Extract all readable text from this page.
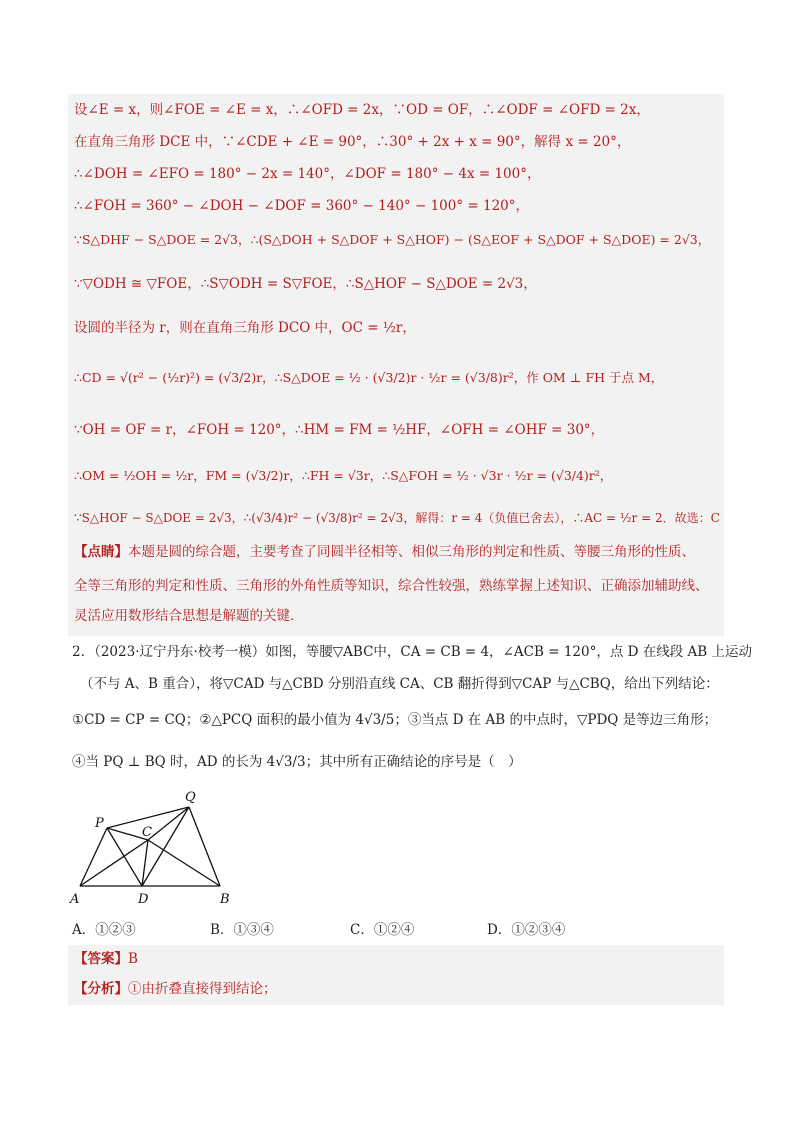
设∠E = x，则∠FOE = ∠E = x，∴∠OFD = 2x，∵OD = OF，∴∠ODF = ∠OFD = 2x，
在直角三角形 DCE 中，∵∠CDE + ∠E = 90°，∴30° + 2x + x = 90°，解得 x = 20°，
∴∠DOH = ∠EFO = 180° − 2x = 140°，∠DOF = 180° − 4x = 100°，
∴∠FOH = 360° − ∠DOH − ∠DOF = 360° − 140° − 100° = 120°，
∵S△DHF − S△DOE = 2√3，∴(S△DOH + S△DOF + S△HOF) − (S△EOF + S△DOF + S△DOE) = 2√3，
∵▽ODH ≅ ▽FOE，∴S▽ODH = S▽FOE，∴S△HOF − S△DOE = 2√3，
设圆的半径为 r，则在直角三角形 DCO 中，OC = ½r，
∴CD = √(r² − (½r)²) = (√3/2)r，∴S△DOE = ½ · (√3/2)r · ½r = (√3/8)r²，作 OM ⊥ FH 于点 M，
∵OH = OF = r，∠FOH = 120°，∴HM = FM = ½HF，∠OFH = ∠OHF = 30°，
∴OM = ½OH = ½r，FM = (√3/2)r，∴FH = √3r，∴S△FOH = ½ · √3r · ½r = (√3/4)r²，
∵S△HOF − S△DOE = 2√3，∴(√3/4)r² − (√3/8)r² = 2√3，解得：r = 4（负值已舍去），∴AC = ½r = 2．故选：C
【点睛】本题是圆的综合题，主要考查了同圆半径相等、相似三角形的判定和性质、等腰三角形的性质、
全等三角形的判定和性质、三角形的外角性质等知识，综合性较强，熟练掌握上述知识、正确添加辅助线、
灵活应用数形结合思想是解题的关键．
2．（2023·辽宁丹东·校考一模）如图，等腰▽ABC中，CA = CB = 4，∠ACB = 120°，点 D 在线段 AB 上运动
（不与 A、B 重合），将▽CAD 与△CBD 分别沿直线 CA、CB 翻折得到▽CAP 与△CBQ，给出下列结论：
①CD = CP = CQ；②△PCQ 面积的最小值为 4√3/5；③当点 D 在 AB 的中点时，▽PDQ 是等边三角形；
④当 PQ ⊥ BQ 时，AD 的长为 4√3/3；其中所有正确结论的序号是（　）
A	D	B
P
C
Q
A．①②③	B．①③④	C．①②④	D．①②③④
【答案】B
【分析】①由折叠直接得到结论；
